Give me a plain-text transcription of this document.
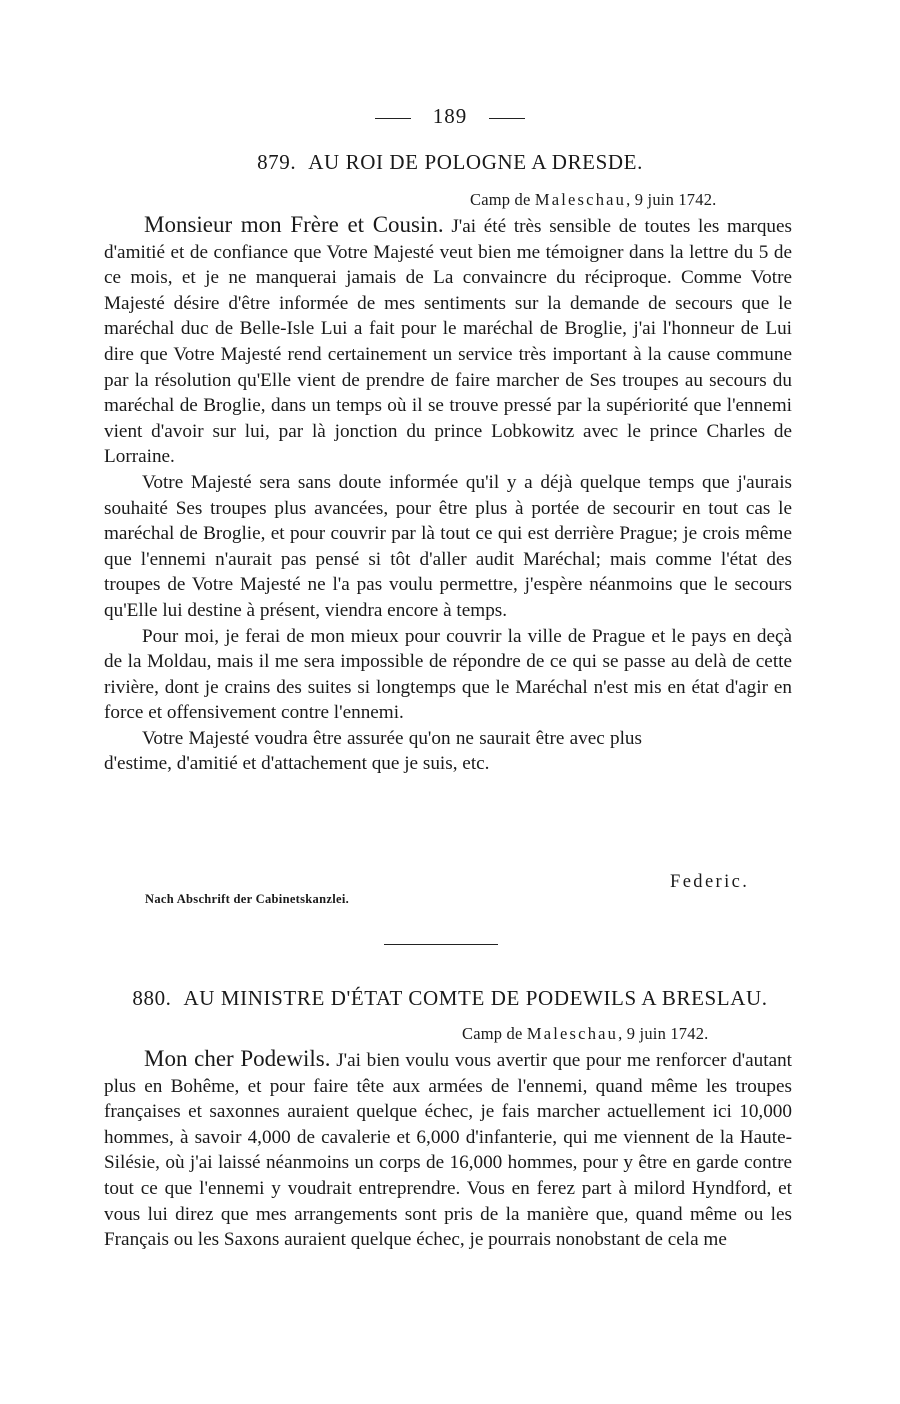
189
879. AU ROI DE POLOGNE A DRESDE.
Camp de Maleschau, 9 juin 1742.

Monsieur mon Frère et Cousin. J'ai été très sensible de toutes les marques d'amitié et de confiance que Votre Majesté veut bien me témoigner dans la lettre du 5 de ce mois, et je ne manquerai jamais de La convaincre du réciproque. Comme Votre Majesté désire d'être informée de mes sentiments sur la demande de secours que le maréchal duc de Belle-Isle Lui a fait pour le maréchal de Broglie, j'ai l'honneur de Lui dire que Votre Majesté rend certainement un service très important à la cause commune par la résolution qu'Elle vient de prendre de faire marcher de Ses troupes au secours du maréchal de Broglie, dans un temps où il se trouve pressé par la supériorité que l'ennemi vient d'avoir sur lui, par là jonction du prince Lobkowitz avec le prince Charles de Lorraine.

Votre Majesté sera sans doute informée qu'il y a déjà quelque temps que j'aurais souhaité Ses troupes plus avancées, pour être plus à portée de secourir en tout cas le maréchal de Broglie, et pour couvrir par là tout ce qui est derrière Prague; je crois même que l'ennemi n'aurait pas pensé si tôt d'aller audit Maréchal; mais comme l'état des troupes de Votre Majesté ne l'a pas voulu permettre, j'espère néanmoins que le secours qu'Elle lui destine à présent, viendra encore à temps.

Pour moi, je ferai de mon mieux pour couvrir la ville de Prague et le pays en deçà de la Moldau, mais il me sera impossible de répondre de ce qui se passe au delà de cette rivière, dont je crains des suites si longtemps que le Maréchal n'est mis en état d'agir en force et offensivement contre l'ennemi.

Votre Majesté voudra être assurée qu'on ne saurait être avec plus d'estime, d'amitié et d'attachement que je suis, etc.

Federic.
Nach Abschrift der Cabinetskanzlei.
880. AU MINISTRE D'ÉTAT COMTE DE PODEWILS A BRESLAU.
Camp de Maleschau, 9 juin 1742.

Mon cher Podewils. J'ai bien voulu vous avertir que pour me renforcer d'autant plus en Bohême, et pour faire tête aux armées de l'ennemi, quand même les troupes françaises et saxonnes auraient quelque échec, je fais marcher actuellement ici 10,000 hommes, à savoir 4,000 de cavalerie et 6,000 d'infanterie, qui me viennent de la Haute-Silésie, où j'ai laissé néanmoins un corps de 16,000 hommes, pour y être en garde contre tout ce que l'ennemi y voudrait entreprendre. Vous en ferez part à milord Hyndford, et vous lui direz que mes arrangements sont pris de la manière que, quand même ou les Français ou les Saxons auraient quelque échec, je pourrais nonobstant de cela me
